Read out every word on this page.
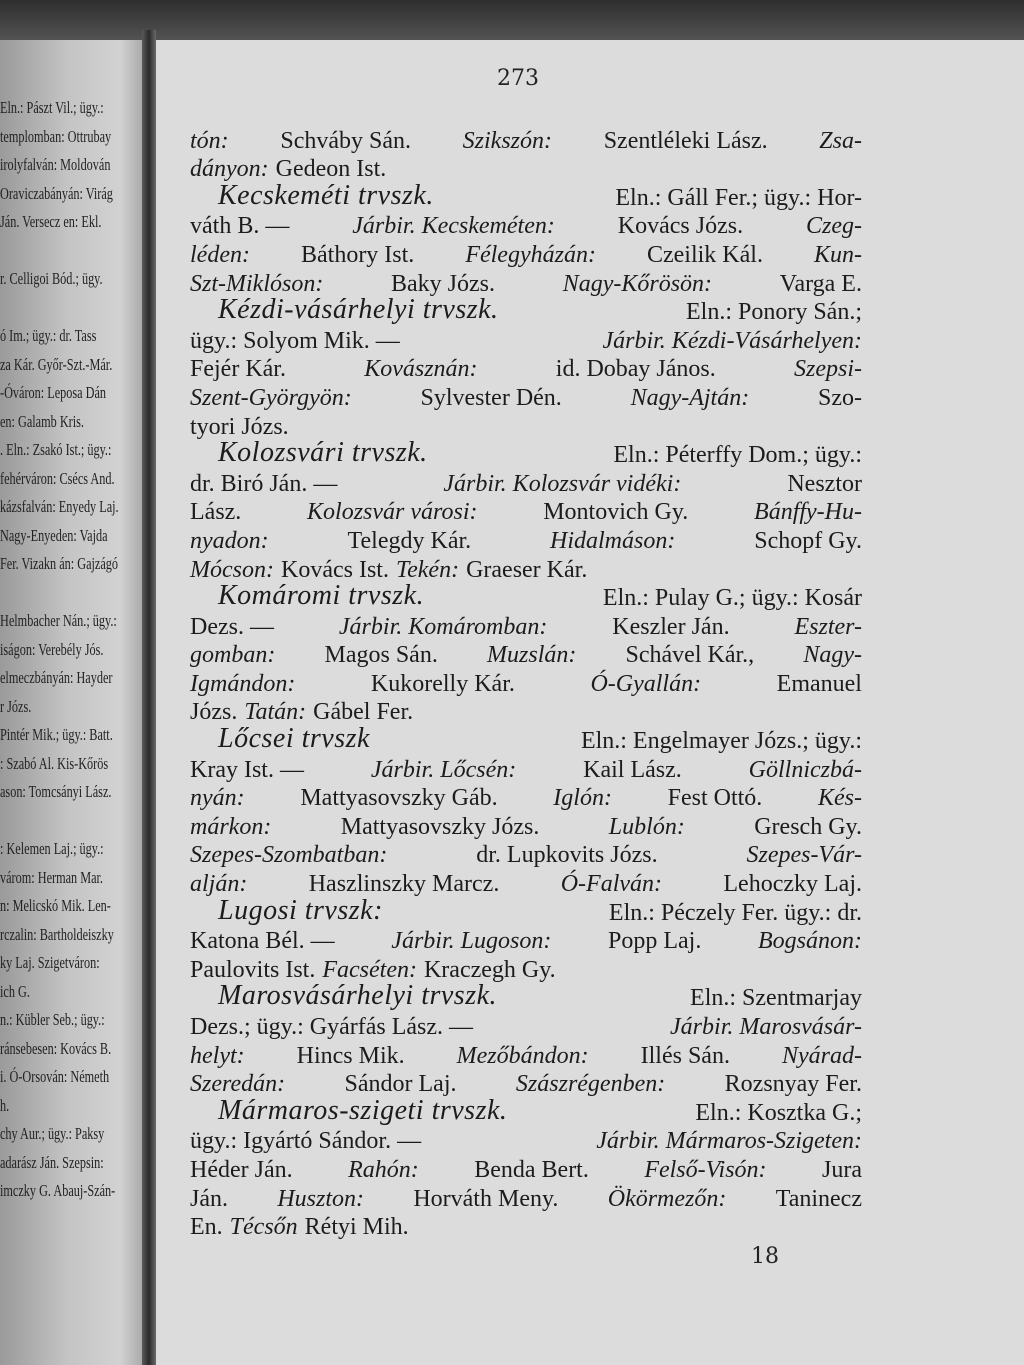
Eln.: Pászt Vil.; ügy.:
templomban: Ottrubay
irolyfalván: Moldován
Oraviczabányán: Virág
Ján. Versecz en: Ekl.
r. Celligoi Bód.; ügy.
ó Im.; ügy.: dr. Tass
za Kár. Győr-Szt.-Már.
-Óváron: Leposa Dán
en: Galamb Kris.
. Eln.: Zsakó Ist.; ügy.:
fehérváron: Csécs And.
kázsfalván: Enyedy Laj.
Nagy-Enyeden: Vajda
Fer. Vizakn án: Gajzágó
Helmbacher Nán.; ügy.:
iságon: Verebély Jós.
elmeczbányán: Hayder
r Józs.
Pintér Mik.; ügy.: Batt.
: Szabó Al. Kis-Kőrös
ason: Tomcsányi Lász.
: Kelemen Laj.; ügy.:
várom: Herman Mar.
n: Melicskó Mik. Len-
rczalin: Bartholdeiszky
ky Laj. Szigetváron:
ich G.
n.: Kübler Seb.; ügy.:
ránsebesen: Kovács B.
i. Ó-Orsován: Németh
h.
chy Aur.; ügy.: Paksy
adarász Ján. Szepsin:
imczky G. Abauj-Szán-
273
tón: Schváby Sán. Szikszón: Szentléleki Lász. Zsa-
dányon: Gedeon Ist.
Kecskeméti trvszk.	Eln.: Gáll Fer.; ügy.: Hor-
váth B. —	Járbir. Kecskeméten:	Kovács Józs.	Czeg-
léden: Báthory Ist. Félegyházán: Czeilik Kál. Kun-
Szt-Miklóson:	Baky Józs.	Nagy-Kőrösön:	Varga E.
Kézdi-vásárhelyi trvszk.	Eln.: Ponory Sán.;
ügy.: Solyom Mik. —	Járbir. Kézdi-Vásárhelyen:
Fejér Kár.	Kovásznán:	id. Dobay János.	Szepsi-
Szent-Györgyön:	Sylvester Dén.	Nagy-Ajtán:	Szo-
tyori Józs.
Kolozsvári trvszk.	Eln.: Péterffy Dom.; ügy.:
dr. Biró Ján. —	Járbir. Kolozsvár vidéki:	Nesztor
Lász.	Kolozsvár városi:	Montovich Gy.	Bánffy-Hu-
nyadon:	Telegdy Kár.	Hidalmáson:	Schopf Gy.
Mócson: Kovács Ist. Tekén: Graeser Kár.
Komáromi trvszk.	Eln.: Pulay G.; ügy.: Kosár
Dezs. —	Járbir. Komáromban:	Keszler Ján.	Eszter-
gomban: Magos Sán. Muzslán: Schável Kár., Nagy-
Igmándon:	Kukorelly Kár.	Ó-Gyallán:	Emanuel
Józs. Tatán: Gábel Fer.
Lőcsei trvszk	Eln.: Engelmayer Józs.; ügy.:
Kray Ist. —	Járbir. Lőcsén:	Kail Lász.	Göllniczbá-
nyán: Mattyasovszky Gáb. Iglón: Fest Ottó. Kés-
márkon:	Mattyasovszky Józs.	Lublón:	Gresch Gy.
Szepes-Szombatban:	dr. Lupkovits Józs.	Szepes-Vár-
alján:	Haszlinszky Marcz.	Ó-Falván:	Lehoczky Laj.
Lugosi trvszk:	Eln.: Péczely Fer. ügy.: dr.
Katona Bél. — Járbir. Lugoson: Popp Laj. Bogsánon:
Paulovits Ist. Facséten: Kraczegh Gy.
Marosvásárhelyi trvszk.	Eln.: Szentmarjay
Dezs.; ügy.: Gyárfás Lász. —	Járbir. Marosvásár-
helyt: Hincs Mik. Mezőbándon: Illés Sán. Nyárad-
Szeredán: Sándor Laj. Szászrégenben: Rozsnyay Fer.
Mármaros-szigeti trvszk.	Eln.: Kosztka G.;
ügy.: Igyártó Sándor. —	Járbir. Mármaros-Szigeten:
Héder Ján. Rahón: Benda Bert. Felső-Visón: Jura
Ján. Huszton: Horváth Meny. Ökörmezőn: Taninecz
En. Técsőn Rétyi Mih.
18
